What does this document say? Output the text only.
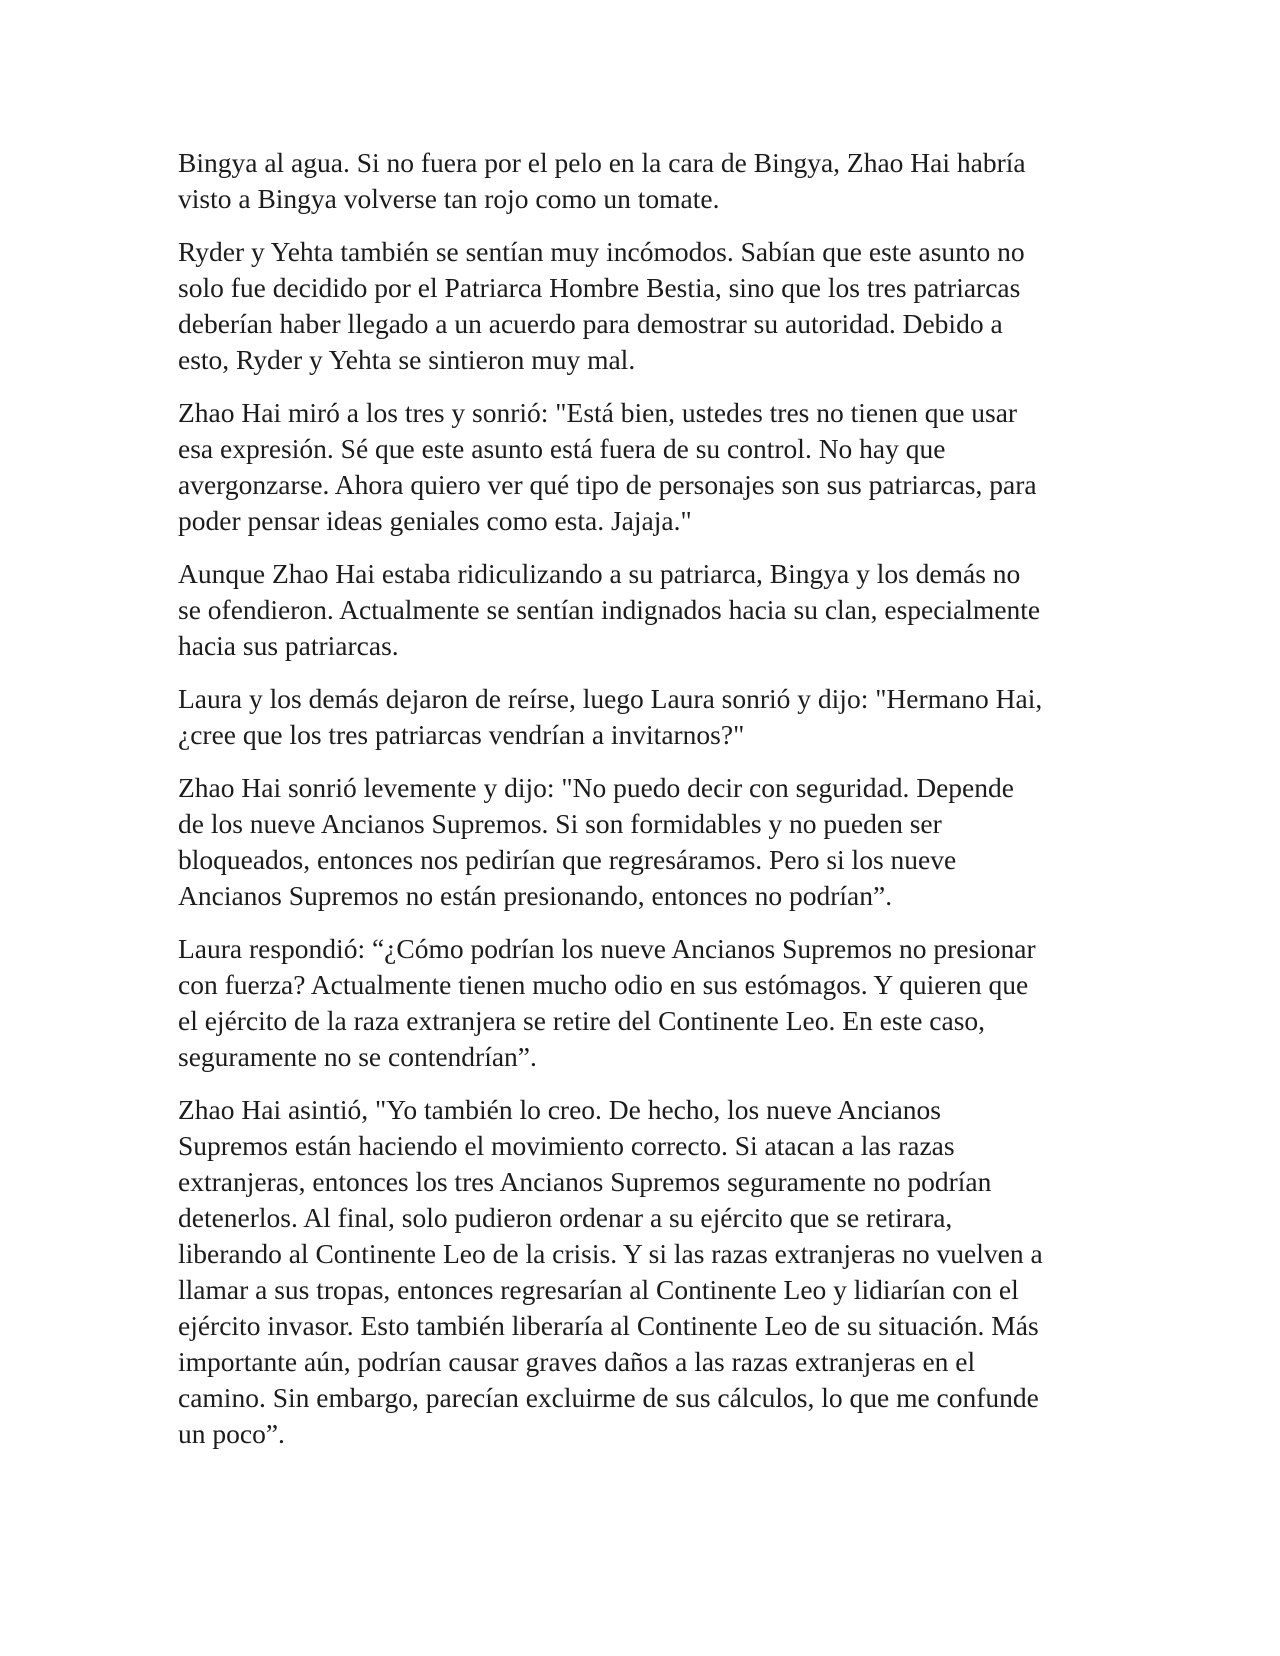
Bingya al agua. Si no fuera por el pelo en la cara de Bingya, Zhao Hai habría
visto a Bingya volverse tan rojo como un tomate.

Ryder y Yehta también se sentían muy incómodos. Sabían que este asunto no
solo fue decidido por el Patriarca Hombre Bestia, sino que los tres patriarcas
deberían haber llegado a un acuerdo para demostrar su autoridad. Debido a
esto, Ryder y Yehta se sintieron muy mal.

Zhao Hai miró a los tres y sonrió: "Está bien, ustedes tres no tienen que usar
esa expresión. Sé que este asunto está fuera de su control. No hay que
avergonzarse. Ahora quiero ver qué tipo de personajes son sus patriarcas, para
poder pensar ideas geniales como esta. Jajaja."

Aunque Zhao Hai estaba ridiculizando a su patriarca, Bingya y los demás no
se ofendieron. Actualmente se sentían indignados hacia su clan, especialmente
hacia sus patriarcas.

Laura y los demás dejaron de reírse, luego Laura sonrió y dijo: "Hermano Hai,
¿cree que los tres patriarcas vendrían a invitarnos?"

Zhao Hai sonrió levemente y dijo: "No puedo decir con seguridad. Depende
de los nueve Ancianos Supremos. Si son formidables y no pueden ser
bloqueados, entonces nos pedirían que regresáramos. Pero si los nueve
Ancianos Supremos no están presionando, entonces no podrían”.

Laura respondió: “¿Cómo podrían los nueve Ancianos Supremos no presionar
con fuerza? Actualmente tienen mucho odio en sus estómagos. Y quieren que
el ejército de la raza extranjera se retire del Continente Leo. En este caso,
seguramente no se contendrían”.

Zhao Hai asintió, "Yo también lo creo. De hecho, los nueve Ancianos
Supremos están haciendo el movimiento correcto. Si atacan a las razas
extranjeras, entonces los tres Ancianos Supremos seguramente no podrían
detenerlos. Al final, solo pudieron ordenar a su ejército que se retirara,
liberando al Continente Leo de la crisis. Y si las razas extranjeras no vuelven a
llamar a sus tropas, entonces regresarían al Continente Leo y lidiarían con el
ejército invasor. Esto también liberaría al Continente Leo de su situación. Más
importante aún, podrían causar graves daños a las razas extranjeras en el
camino. Sin embargo, parecían excluirme de sus cálculos, lo que me confunde
un poco”.
